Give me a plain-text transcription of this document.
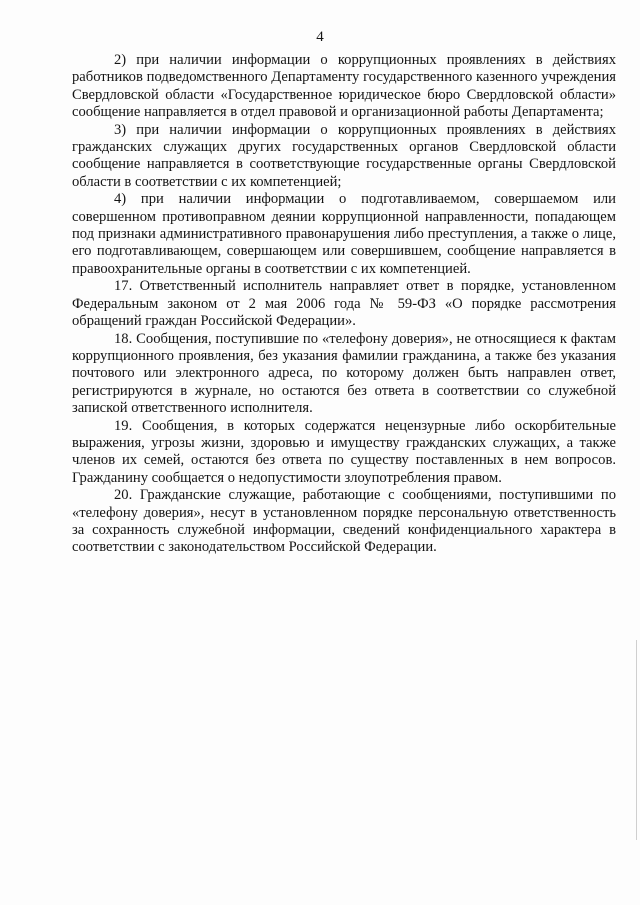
4

2) при наличии информации о коррупционных проявлениях в действиях работников подведомственного Департаменту государственного казенного учреждения Свердловской области «Государственное юридическое бюро Свердловской области» сообщение направляется в отдел правовой и организационной работы Департамента;

3) при наличии информации о коррупционных проявлениях в действиях гражданских служащих других государственных органов Свердловской области сообщение направляется в соответствующие государственные органы Свердловской области в соответствии с их компетенцией;

4) при наличии информации о подготавливаемом, совершаемом или совершенном противоправном деянии коррупционной направленности, попадающем под признаки административного правонарушения либо преступления, а также о лице, его подготавливающем, совершающем или совершившем, сообщение направляется в правоохранительные органы в соответствии с их компетенцией.

17. Ответственный исполнитель направляет ответ в порядке, установленном Федеральным законом от 2 мая 2006 года № 59-ФЗ «О порядке рассмотрения обращений граждан Российской Федерации».

18. Сообщения, поступившие по «телефону доверия», не относящиеся к фактам коррупционного проявления, без указания фамилии гражданина, а также без указания почтового или электронного адреса, по которому должен быть направлен ответ, регистрируются в журнале, но остаются без ответа в соответствии со служебной запиской ответственного исполнителя.

19. Сообщения, в которых содержатся нецензурные либо оскорбительные выражения, угрозы жизни, здоровью и имуществу гражданских служащих, а также членов их семей, остаются без ответа по существу поставленных в нем вопросов. Гражданину сообщается о недопустимости злоупотребления правом.

20. Гражданские служащие, работающие с сообщениями, поступившими по «телефону доверия», несут в установленном порядке персональную ответственность за сохранность служебной информации, сведений конфиденциального характера в соответствии с законодательством Российской Федерации.
